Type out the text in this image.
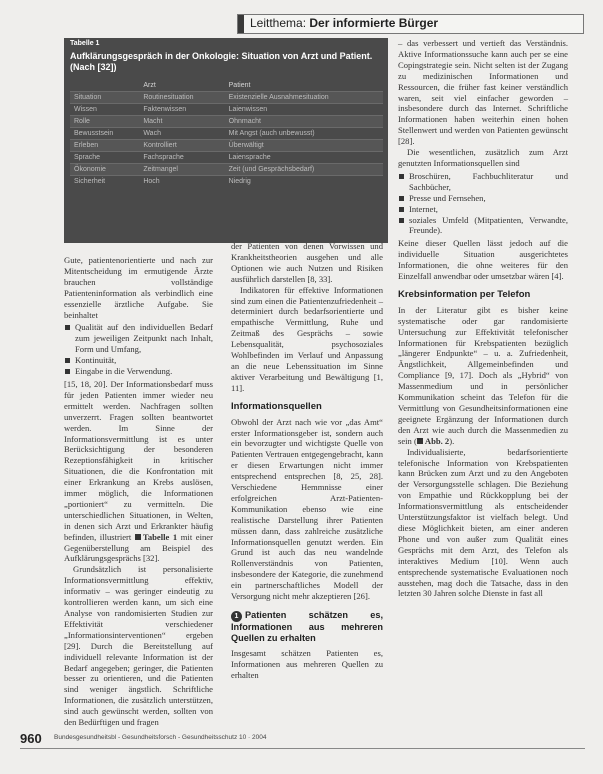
Leitthema: Der informierte Bürger
Tabelle 1
Aufklärungsgespräch in der Onkologie: Situation von Arzt und Patient. (Nach [32])
	Arzt	Patient
Situation	Routinesituation	Existenzielle Ausnahmesituation
Wissen	Faktenwissen	Laienwissen
Rolle	Macht	Ohnmacht
Bewusstsein	Wach	Mit Angst (auch unbewusst)
Erleben	Kontrolliert	Überwältigt
Sprache	Fachsprache	Laiensprache
Ökonomie	Zeitmangel	Zeit (und Gesprächsbedarf)
Sicherheit	Hoch	Niedrig

Gute, patientenorientierte und nach zur Mitentscheidung im ermutigende Ärzte brauchen vollständige Patienteninformation als verbindlich eine essenzielle ärztliche Aufgabe. Sie beinhaltet

Qualität auf den individuellen Bedarf zum jeweiligen Zeitpunkt nach Inhalt, Form und Umfang,
Kontinuität,
Eingabe in die Verwendung.

[15, 18, 20]. Der Informationsbedarf muss für jeden Patienten immer wieder neu ermittelt werden. Nachfragen sollten unverzerrt. Fragen sollten beantwortet werden. Im Sinne der Informationsvermittlung ist es unter Berücksichtigung der besonderen Rezeptionsfähigkeit in kritischer Situationen, die die Konfrontation mit einer Erkrankung an Krebs auslösen, immer möglich, die Informationen „portioniert“ zu vermitteln. Die unterschiedlichen Situationen, in Welten, in denen sich Arzt und Erkrankter häufig befinden, illustriert Tabelle 1 mit einer Gegenüberstellung am Beispiel des Aufklärungsgesprächs [32].

Grundsätzlich ist personalisierte Informationsvermittlung effektiv, informativ – was geringer eindeutig zu kontrollieren werden kann, um sich eine Analyse von randomisierten Studien zur Effektivität verschiedener „Informationsinterventionen“ ergeben [29]. Durch die Bereitstellung auf individuell relevante Information ist der Bedarf angegeben; geringer, die Patienten besser zu orientieren, und die Patienten sind weniger ängstlich. Schriftliche Informationen, die zusätzlich unterstützen, sind auch gewünscht werden, sollten von den Bedürftigen und fragen

der Patienten von denen Vorwissen und Krankheitstheorien ausgehen und alle Optionen wie auch Nutzen und Risiken ausführlich darstellen [8, 33].

Indikatoren für effektive Informationen sind zum einen die Patientenzufriedenheit – determiniert durch bedarfsorientierte und empathische Vermittlung, Ruhe und Zeitmaß des Gesprächs – sowie Lebensqualität, psychosoziales Wohlbefinden im Verlauf und Anpassung an die neue Lebenssituation im Sinne aktiver Verarbeitung und Bewältigung [1, 11].

Informationsquellen

Obwohl der Arzt nach wie vor „das Amt“ erster Informationsgeber ist, sondern auch ein bevorzugter und wichtigste Quelle von Patienten Vertrauen entgegengebracht, kann er diesen Erwartungen nicht immer entsprechend entsprechen [8, 25, 28]. Verschiedene Hemmnisse einer erfolgreichen Arzt-Patienten-Kommunikation ebenso wie eine realistische Darstellung ihrer Patienten müssen dann, dass zahlreiche zusätzliche Informationsquellen genutzt werden. Ein Grund ist auch das neu wandelnde Rollenverständnis von Patienten, insbesondere der Kategorie, die zunehmend ein partnerschaftliches Modell der Versorgung nicht mehr akzeptieren [26].

1 Patienten schätzen es, Informationen aus mehreren Quellen zu erhalten

Insgesamt schätzen Patienten es, Informationen aus mehreren Quellen zu erhalten

– das verbessert und vertieft das Verständnis. Aktive Informationssuche kann auch per se eine Copingstrategie sein. Nicht selten ist der Zugang zu medizinischen Informationen und Ressourcen, die früher fast keiner verständlich waren, seit viel einfacher geworden – insbesondere durch das Internet. Schriftliche Informationen haben weiterhin einen hohen Stellenwert und werden von Patienten gewünscht [28].

Die wesentlichen, zusätzlich zum Arzt genutzten Informationsquellen sind

Broschüren, Fachbuchliteratur und Sachbücher,
Presse und Fernsehen,
Internet,
soziales Umfeld (Mitpatienten, Verwandte, Freunde).

Keine dieser Quellen lässt jedoch auf die individuelle Situation ausgerichtetes Informationen, die ohne weiteres für den Einzelfall anwendbar oder umsetzbar wären [4].

Krebsinformation per Telefon

In der Literatur gibt es bisher keine systematische oder gar randomisierte Untersuchung zur Effektivität telefonischer Informationen für Krebspatienten bezüglich „längerer Endpunkte“ – u. a. Zufriedenheit, Ängstlichkeit, Allgemeinbefinden und Compliance [9, 17]. Doch als „Hybrid“ von Massenmedium und in persönlicher Kommunikation scheint das Telefon für die Vermittlung von Gesundheitsinformationen eine geeignete Ergänzung der Informationen durch den Arzt wie auch durch die Massenmedien zu sein ( Abb. 2).

Individualisierte, bedarfsorientierte telefonische Information von Krebspatienten kann Brücken zum Arzt und zu den Angeboten der Versorgungsstelle schlagen. Die Beziehung von Empathie und Rückkopplung bei der Informationsvermittlung als entscheidender Unterstützungsfaktor ist vielfach belegt. Und diese Möglichkeit bieten, am einer anderen Phone und von außer zum Qualität eines Gesprächs mit dem Arzt, des Telefon als interaktives Medium [10]. Wenn auch entsprechende systematische Evaluationen noch ausstehen, mag doch die Tatsache, dass in den letzten 30 Jahren solche Dienste in fast all

960 Bundesgesundheitsbl - Gesundheitsforsch - Gesundheitsschutz 10 · 2004
